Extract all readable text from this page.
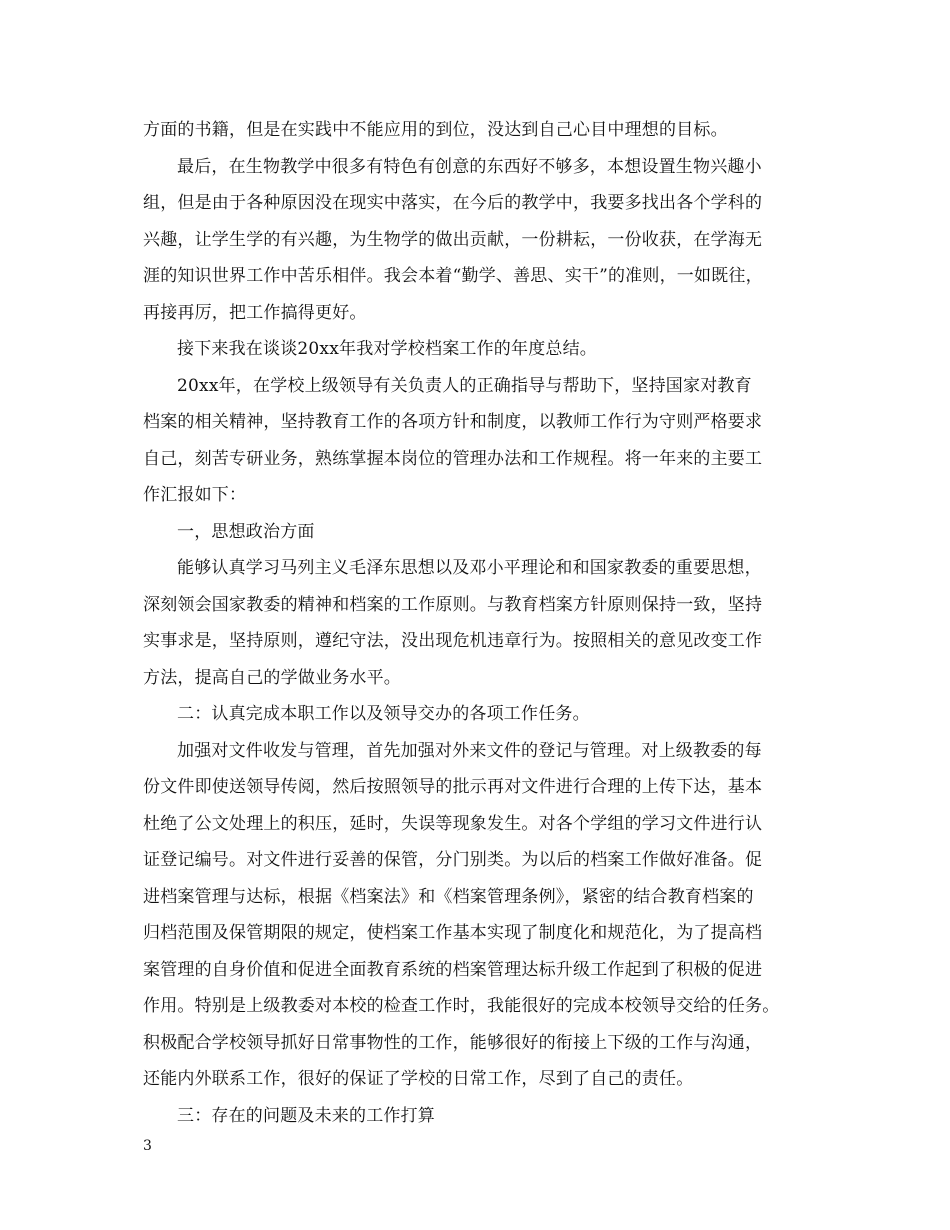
方面的书籍，但是在实践中不能应用的到位，没达到自己心目中理想的目标。
最后，在生物教学中很多有特色有创意的东西好不够多，本想设置生物兴趣小
组，但是由于各种原因没在现实中落实，在今后的教学中，我要多找出各个学科的
兴趣，让学生学的有兴趣，为生物学的做出贡献，一份耕耘，一份收获，在学海无
涯的知识世界工作中苦乐相伴。我会本着“勤学、善思、实干”的准则，一如既往，
再接再厉，把工作搞得更好。
接下来我在谈谈20xx年我对学校档案工作的年度总结。
20xx年，在学校上级领导有关负责人的正确指导与帮助下，坚持国家对教育
档案的相关精神，坚持教育工作的各项方针和制度，以教师工作行为守则严格要求
自己，刻苦专研业务，熟练掌握本岗位的管理办法和工作规程。将一年来的主要工
作汇报如下：
一，思想政治方面
能够认真学习马列主义毛泽东思想以及邓小平理论和和国家教委的重要思想，
深刻领会国家教委的精神和档案的工作原则。与教育档案方针原则保持一致，坚持
实事求是，坚持原则，遵纪守法，没出现危机违章行为。按照相关的意见改变工作
方法，提高自己的学做业务水平。
二：认真完成本职工作以及领导交办的各项工作任务。
加强对文件收发与管理，首先加强对外来文件的登记与管理。对上级教委的每
份文件即使送领导传阅，然后按照领导的批示再对文件进行合理的上传下达，基本
杜绝了公文处理上的积压，延时，失误等现象发生。对各个学组的学习文件进行认
证登记编号。对文件进行妥善的保管，分门别类。为以后的档案工作做好准备。促
进档案管理与达标，根据《档案法》和《档案管理条例》，紧密的结合教育档案的
归档范围及保管期限的规定，使档案工作基本实现了制度化和规范化，为了提高档
案管理的自身价值和促进全面教育系统的档案管理达标升级工作起到了积极的促进
作用。特别是上级教委对本校的检查工作时，我能很好的完成本校领导交给的任务。
积极配合学校领导抓好日常事物性的工作，能够很好的衔接上下级的工作与沟通，
还能内外联系工作，很好的保证了学校的日常工作，尽到了自己的责任。
三：存在的问题及未来的工作打算
3
